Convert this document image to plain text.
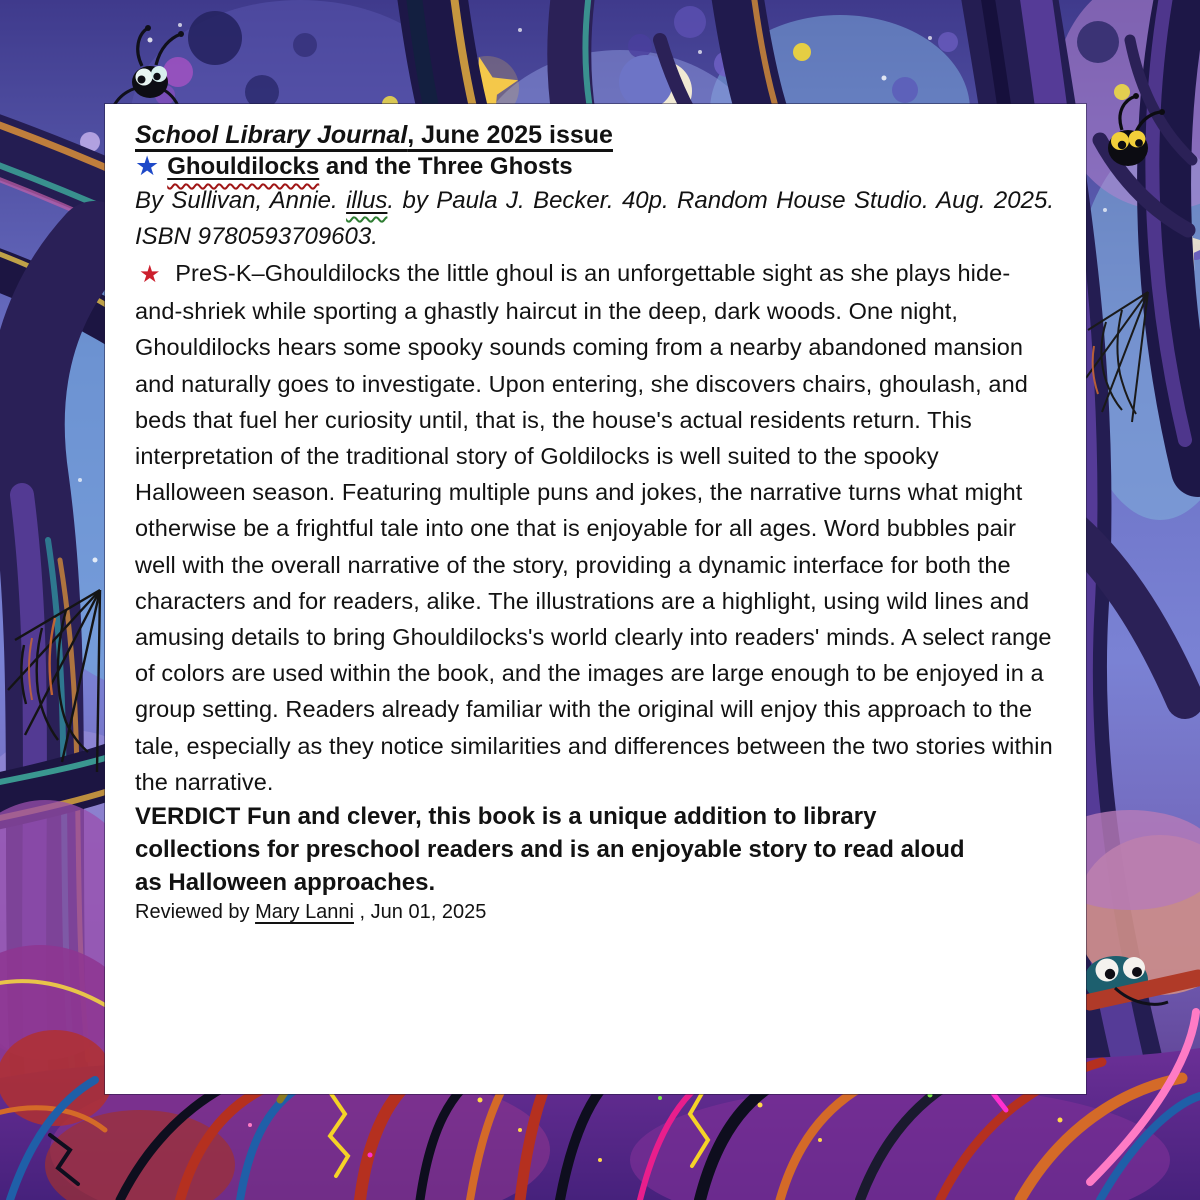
School Library Journal, June 2025 issue
★ Ghouldilocks and the Three Ghosts

By Sullivan, Annie. illus. by Paula J. Becker. 40p. Random House Studio. Aug. 2025. ISBN 9780593709603.

★ PreS-K–Ghouldilocks the little ghoul is an unforgettable sight as she plays hide-and-shriek while sporting a ghastly haircut in the deep, dark woods. One night, Ghouldilocks hears some spooky sounds coming from a nearby abandoned mansion and naturally goes to investigate. Upon entering, she discovers chairs, ghoulash, and beds that fuel her curiosity until, that is, the house's actual residents return. This interpretation of the traditional story of Goldilocks is well suited to the spooky Halloween season. Featuring multiple puns and jokes, the narrative turns what might otherwise be a frightful tale into one that is enjoyable for all ages. Word bubbles pair well with the overall narrative of the story, providing a dynamic interface for both the characters and for readers, alike. The illustrations are a highlight, using wild lines and amusing details to bring Ghouldilocks's world clearly into readers' minds. A select range of colors are used within the book, and the images are large enough to be enjoyed in a group setting. Readers already familiar with the original will enjoy this approach to the tale, especially as they notice similarities and differences between the two stories within the narrative.

VERDICT Fun and clever, this book is a unique addition to library collections for preschool readers and is an enjoyable story to read aloud as Halloween approaches.

Reviewed by Mary Lanni , Jun 01, 2025
